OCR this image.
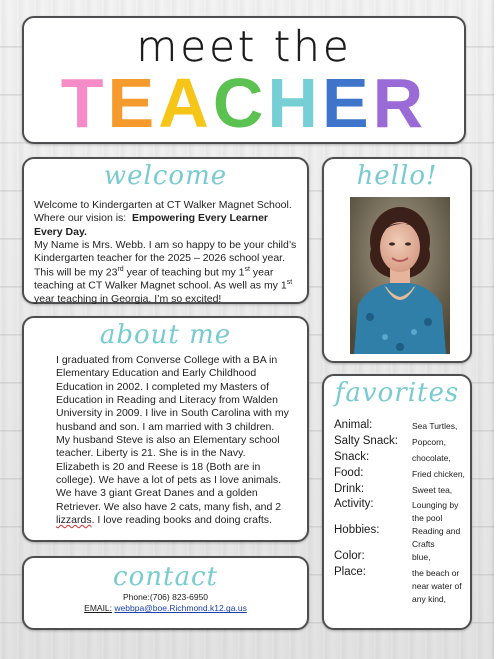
meet the
TEACHER
welcome
Welcome to Kindergarten at CT Walker Magnet School.
Where our vision is: Empowering Every Learner Every Day.
My Name is Mrs. Webb. I am so happy to be your child’s Kindergarten teacher for the 2025 – 2026 school year. This will be my 23rd year of teaching but my 1st year teaching at CT Walker Magnet school. As well as my 1st year teaching in Georgia. I’m so excited!
hello!
about me
I graduated from Converse College with a BA in Elementary Education and Early Childhood Education in 2002. I completed my Masters of Education in Reading and Literacy from Walden University in 2009. I live in South Carolina with my husband and son. I am married with 3 children. My husband Steve is also an Elementary school teacher. Liberty is 21. She is in the Navy. Elizabeth is 20 and Reese is 18 (Both are in college). We have a lot of pets as I love animals. We have 3 giant Great Danes and a golden Retriever. We also have 2 cats, many fish, and 2 lizzards. I love reading books and doing crafts.
favorites
Animal:	Sea Turtles,
Salty Snack: Popcorn,
Snack:	chocolate,
Food:	Fried chicken,
Drink:	Sweet tea,
Activity:	Lounging by the pool
Hobbies:	Reading and Crafts
Color:	blue,
Place:	the beach or near water of any kind,
contact
Phone:(706) 823-6950
EMAIL: webbpa@boe.Richmond.k12.ga.us
